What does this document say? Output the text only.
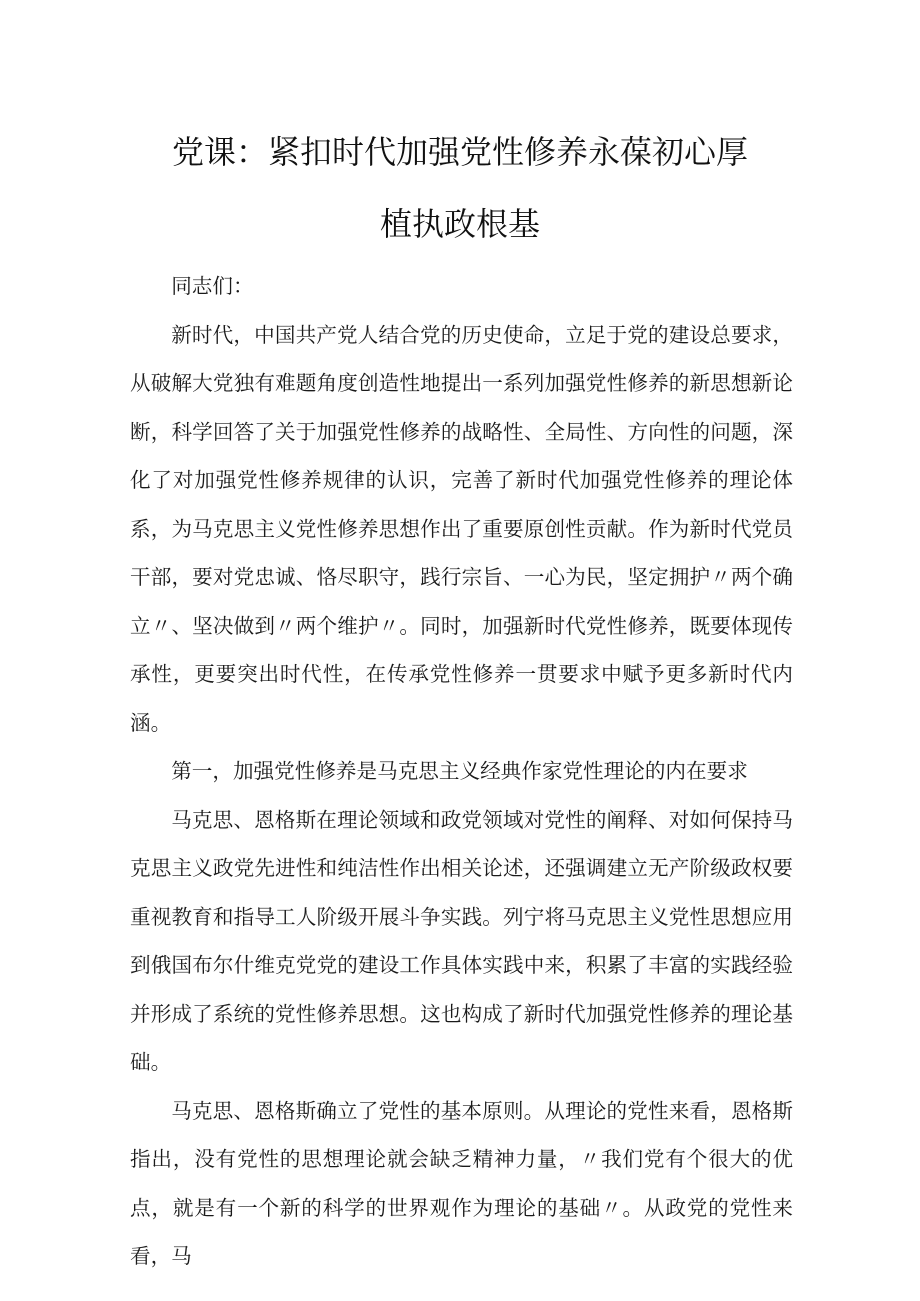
党课：紧扣时代加强党性修养永葆初心厚
植执政根基

同志们：

新时代，中国共产党人结合党的历史使命，立足于党的建设总要求，从破解大党独有难题角度创造性地提出一系列加强党性修养的新思想新论断，科学回答了关于加强党性修养的战略性、全局性、方向性的问题，深化了对加强党性修养规律的认识，完善了新时代加强党性修养的理论体系，为马克思主义党性修养思想作出了重要原创性贡献。作为新时代党员干部，要对党忠诚、恪尽职守，践行宗旨、一心为民，坚定拥护〃两个确立〃、坚决做到〃两个维护〃。同时，加强新时代党性修养，既要体现传承性，更要突出时代性，在传承党性修养一贯要求中赋予更多新时代内涵。

第一，加强党性修养是马克思主义经典作家党性理论的内在要求

马克思、恩格斯在理论领域和政党领域对党性的阐释、对如何保持马克思主义政党先进性和纯洁性作出相关论述，还强调建立无产阶级政权要重视教育和指导工人阶级开展斗争实践。列宁将马克思主义党性思想应用到俄国布尔什维克党党的建设工作具体实践中来，积累了丰富的实践经验并形成了系统的党性修养思想。这也构成了新时代加强党性修养的理论基础。

马克思、恩格斯确立了党性的基本原则。从理论的党性来看，恩格斯指出，没有党性的思想理论就会缺乏精神力量，〃我们党有个很大的优点，就是有一个新的科学的世界观作为理论的基础〃。从政党的党性来看，马
